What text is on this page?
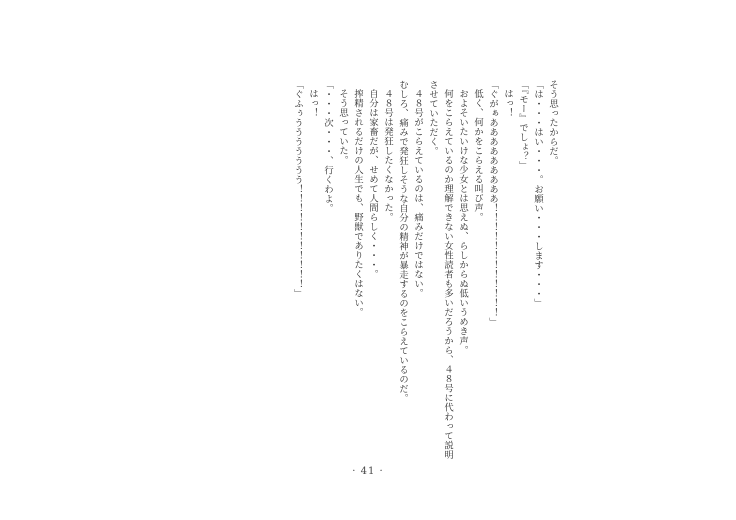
そう思ったからだ。
「は・・・はい・・・。お願い・・・します・・・」
「『モー』でしょ？」
はっ！
「ぐがぁあああああああああ！！！！！！！！！！！！」
低く、何かをこらえる叫び声。
およそいたいけな少女とは思えぬ、らしからぬ低いうめき声。
何をこらえているのか理解できない女性読者も多いだろうから、４８号に代わって説明
させていただく。
４８号がこらえているのは、痛みだけではない。
むしろ、痛みで発狂しそうな自分の精神が暴走するのをこらえているのだ。
４８号は発狂したくなかった。
自分は家畜だが、せめて人間らしく・・・。
搾精されるだけの人生でも、野獣でありたくはない。
そう思っていた。
「・・・次・・・、行くわよ。
はっ！
「ぐふぅううううううう！！！！！！！！！！！」
· 41 ·
